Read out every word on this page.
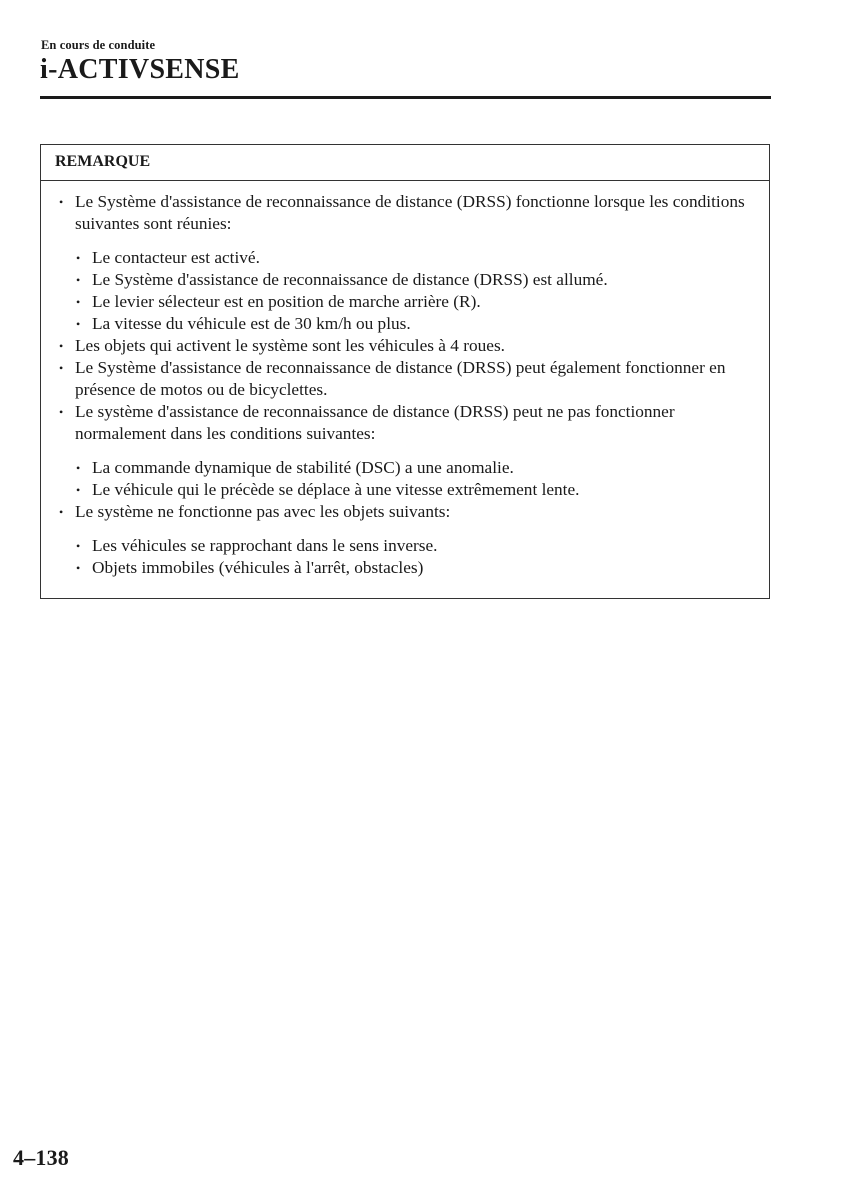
En cours de conduite
i-ACTIVSENSE
REMARQUE
• Le Système d'assistance de reconnaissance de distance (DRSS) fonctionne lorsque les conditions suivantes sont réunies:
• Le contacteur est activé.
• Le Système d'assistance de reconnaissance de distance (DRSS) est allumé.
• Le levier sélecteur est en position de marche arrière (R).
• La vitesse du véhicule est de 30 km/h ou plus.
• Les objets qui activent le système sont les véhicules à 4 roues.
• Le Système d'assistance de reconnaissance de distance (DRSS) peut également fonctionner en présence de motos ou de bicyclettes.
• Le système d'assistance de reconnaissance de distance (DRSS) peut ne pas fonctionner normalement dans les conditions suivantes:
• La commande dynamique de stabilité (DSC) a une anomalie.
• Le véhicule qui le précède se déplace à une vitesse extrêmement lente.
• Le système ne fonctionne pas avec les objets suivants:
• Les véhicules se rapprochant dans le sens inverse.
• Objets immobiles (véhicules à l'arrêt, obstacles)
4–138
